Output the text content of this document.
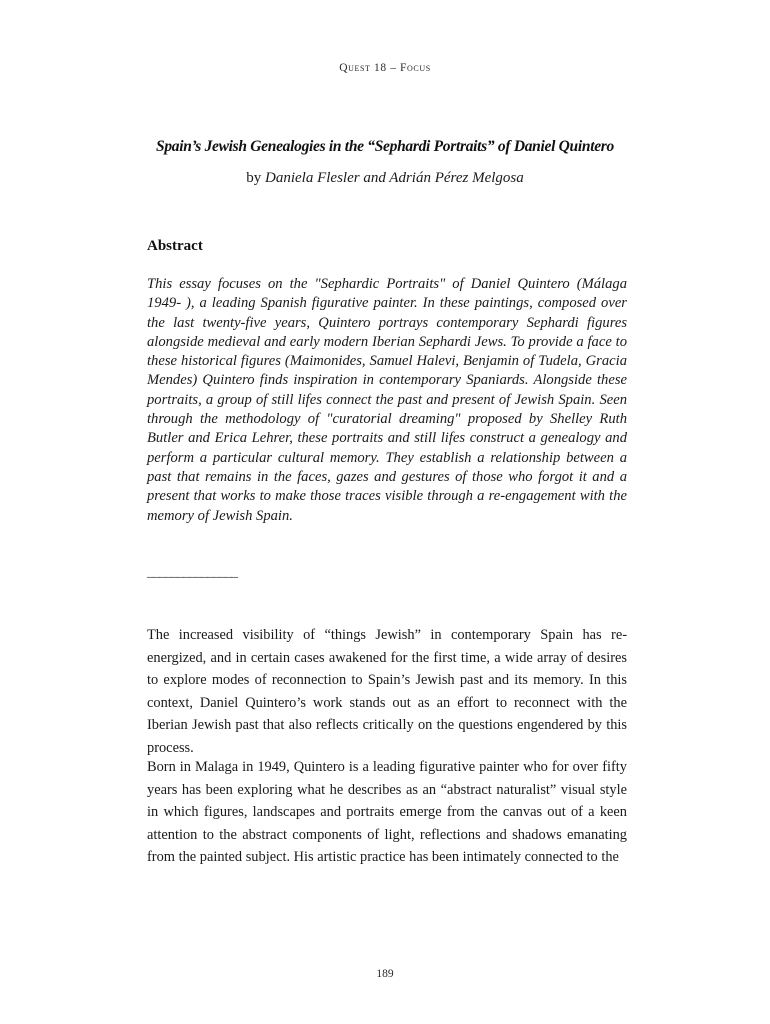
Quest 18 – Focus
Spain’s Jewish Genealogies in the “Sephardi Portraits” of Daniel Quintero
by Daniela Flesler and Adrián Pérez Melgosa
Abstract
This essay focuses on the "Sephardic Portraits" of Daniel Quintero (Málaga 1949- ), a leading Spanish figurative painter. In these paintings, composed over the last twenty-five years, Quintero portrays contemporary Sephardi figures alongside medieval and early modern Iberian Sephardi Jews. To provide a face to these historical figures (Maimonides, Samuel Halevi, Benjamin of Tudela, Gracia Mendes) Quintero finds inspiration in contemporary Spaniards. Alongside these portraits, a group of still lifes connect the past and present of Jewish Spain. Seen through the methodology of "curatorial dreaming" proposed by Shelley Ruth Butler and Erica Lehrer, these portraits and still lifes construct a genealogy and perform a particular cultural memory. They establish a relationship between a past that remains in the faces, gazes and gestures of those who forgot it and a present that works to make those traces visible through a re-engagement with the memory of Jewish Spain.
_______________
The increased visibility of “things Jewish” in contemporary Spain has re-energized, and in certain cases awakened for the first time, a wide array of desires to explore modes of reconnection to Spain’s Jewish past and its memory. In this context, Daniel Quintero’s work stands out as an effort to reconnect with the Iberian Jewish past that also reflects critically on the questions engendered by this process.
Born in Malaga in 1949, Quintero is a leading figurative painter who for over fifty years has been exploring what he describes as an “abstract naturalist” visual style in which figures, landscapes and portraits emerge from the canvas out of a keen attention to the abstract components of light, reflections and shadows emanating from the painted subject. His artistic practice has been intimately connected to the
189
